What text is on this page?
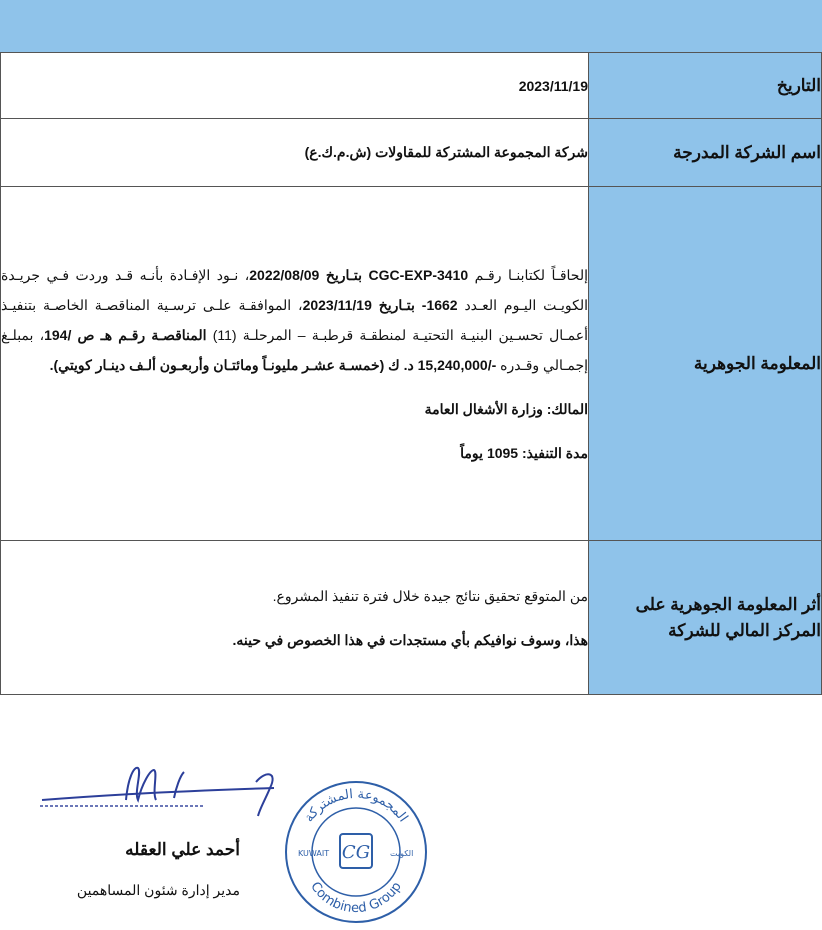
2023/11/19	التاريخ
شركة المجموعة المشتركة للمقاولات (ش.م.ك.ع)	اسم الشركة المدرجة

إلحاقـاً لكتابنـا رقـم CGC-EXP-3410 بتـاريخ 2022/08/09، نـود الإفـادة بأنـه قـد وردت فـي جريـدة الكويـت اليـوم العـدد 1662- بتـاريخ 2023/11/19، الموافقـة علـى ترسـية المناقصـة الخاصـة بتنفيـذ أعمـال تحسـين البنيـة التحتيـة لمنطقـة قرطبـة – المرحلـة (11) المناقصـة رقـم هـ ص /194، بمبلـغ إجمـالي وقـدره -/15,240,000 د. ك (خمسـة عشـر مليونـاً ومائتـان وأربعـون ألـف دينـار كويتي).

المالك: وزارة الأشغال العامة

مدة التنفيذ: 1095 يوماً	المعلومة الجوهرية

من المتوقع تحقيق نتائج جيدة خلال فترة تنفيذ المشروع.

هذا، وسوف نوافيكم بأي مستجدات في هذا الخصوص في حينه.	أثر المعلومة الجوهرية على المركز المالي للشركة
أحمد علي العقله
مدير إدارة شئون المساهمين
المجموعة المشتركة
Combined Group
KUWAIT	الكويت
CG
